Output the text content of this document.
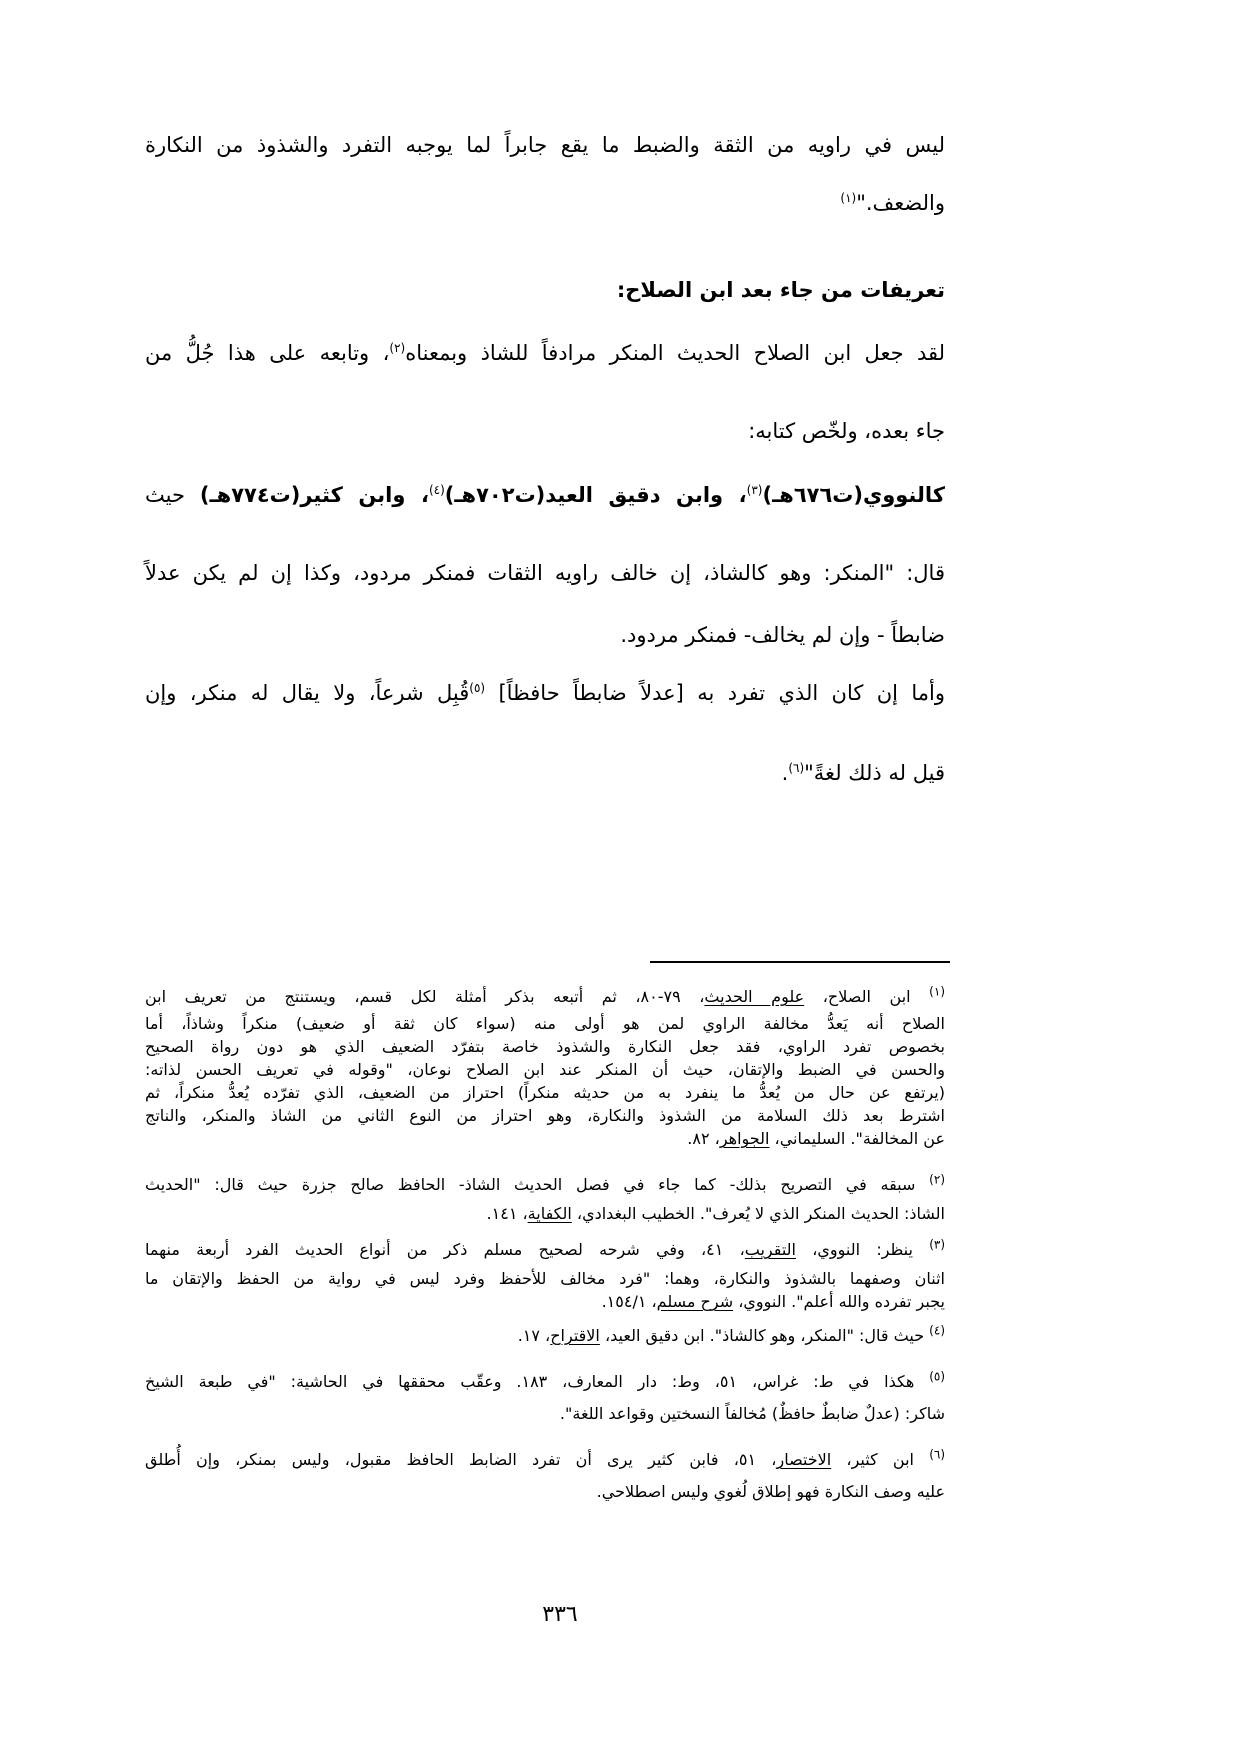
ليس في راويه من الثقة والضبط ما يقع جابراً لما يوجبه التفرد والشذوذ من النكارة
والضعف."$^{(١)}$
تعريفات من جاء بعد ابن الصلاح:
لقد جعل ابن الصلاح الحديث المنكر مرادفاً للشاذ وبمعناه$^{(٢)}$، وتابعه على هذا جُلُّ من
جاء بعده، ولخّص كتابه:
كالنووي(ت٦٧٦هـ)$^{(٣)}$، وابن دقيق العيد(ت٧٠٢هـ)$^{(٤)}$، وابن كثير(ت٧٧٤هـ) حيث
قال: "المنكر: وهو كالشاذ، إن خالف راويه الثقات فمنكر مردود، وكذا إن لم يكن عدلاً
ضابطاً - وإن لم يخالف- فمنكر مردود.
وأما إن كان الذي تفرد به [عدلاً ضابطاً حافظاً] $^{(٥)}$قُبِل شرعاً، ولا يقال له منكر، وإن
قيل له ذلك لغةً"$^{(٦)}$.
$^{(١)}$ ابن الصلاح، علوم الحديث، ٧٩-٨٠، ثم أتبعه بذكر أمثلة لكل قسم، ويستنتج من تعريف ابن
الصلاح أنه يَعدُّ مخالفة الراوي لمن هو أولى منه (سواء كان ثقة أو ضعيف) منكراً وشاذاً، أما
بخصوص تفرد الراوي، فقد جعل النكارة والشذوذ خاصة بتفرّد الضعيف الذي هو دون رواة الصحيح
والحسن في الضبط والإتقان، حيث أن المنكر عند ابن الصلاح نوعان، "وقوله في تعريف الحسن لذاته:
(يرتفع عن حال من يُعدُّ ما ينفرد به من حديثه منكراً) احتراز من الضعيف، الذي تفرّده يُعدُّ منكراً، ثم
اشترط بعد ذلك السلامة من الشذوذ والنكارة، وهو احتراز من النوع الثاني من الشاذ والمنكر، والناتج
عن المخالفة". السليماني، الجواهر، ٨٢.
$^{(٢)}$ سبقه في التصريح بذلك- كما جاء في فصل الحديث الشاذ- الحافظ صالح جزرة حيث قال: "الحديث
الشاذ: الحديث المنكر الذي لا يُعرف". الخطيب البغدادي، الكفاية، ١٤١.
$^{(٣)}$ ينظر: النووي، التقريب، ٤١، وفي شرحه لصحيح مسلم ذكر من أنواع الحديث الفرد أربعة منهما
اثنان وصفهما بالشذوذ والنكارة، وهما: "فرد مخالف للأحفظ وفرد ليس في رواية من الحفظ والإتقان ما
يجبر تفرده والله أعلم". النووي، شرح مسلم، ١٥٤/١.
$^{(٤)}$ حيث قال: "المنكر، وهو كالشاذ". ابن دقيق العيد، الاقتراح، ١٧.
$^{(٥)}$ هكذا في ط: غراس، ٥١، وط: دار المعارف، ١٨٣. وعقّب محققها في الحاشية: "في طبعة الشيخ
شاكر: (عدلٌ ضابطٌ حافظٌ) مُخالفاً النسختين وقواعد اللغة".
$^{(٦)}$ ابن كثير، الاختصار، ٥١، فابن كثير يرى أن تفرد الضابط الحافظ مقبول، وليس بمنكر، وإن أُطلق
عليه وصف النكارة فهو إطلاق لُغوي وليس اصطلاحي.
٣٣٦
